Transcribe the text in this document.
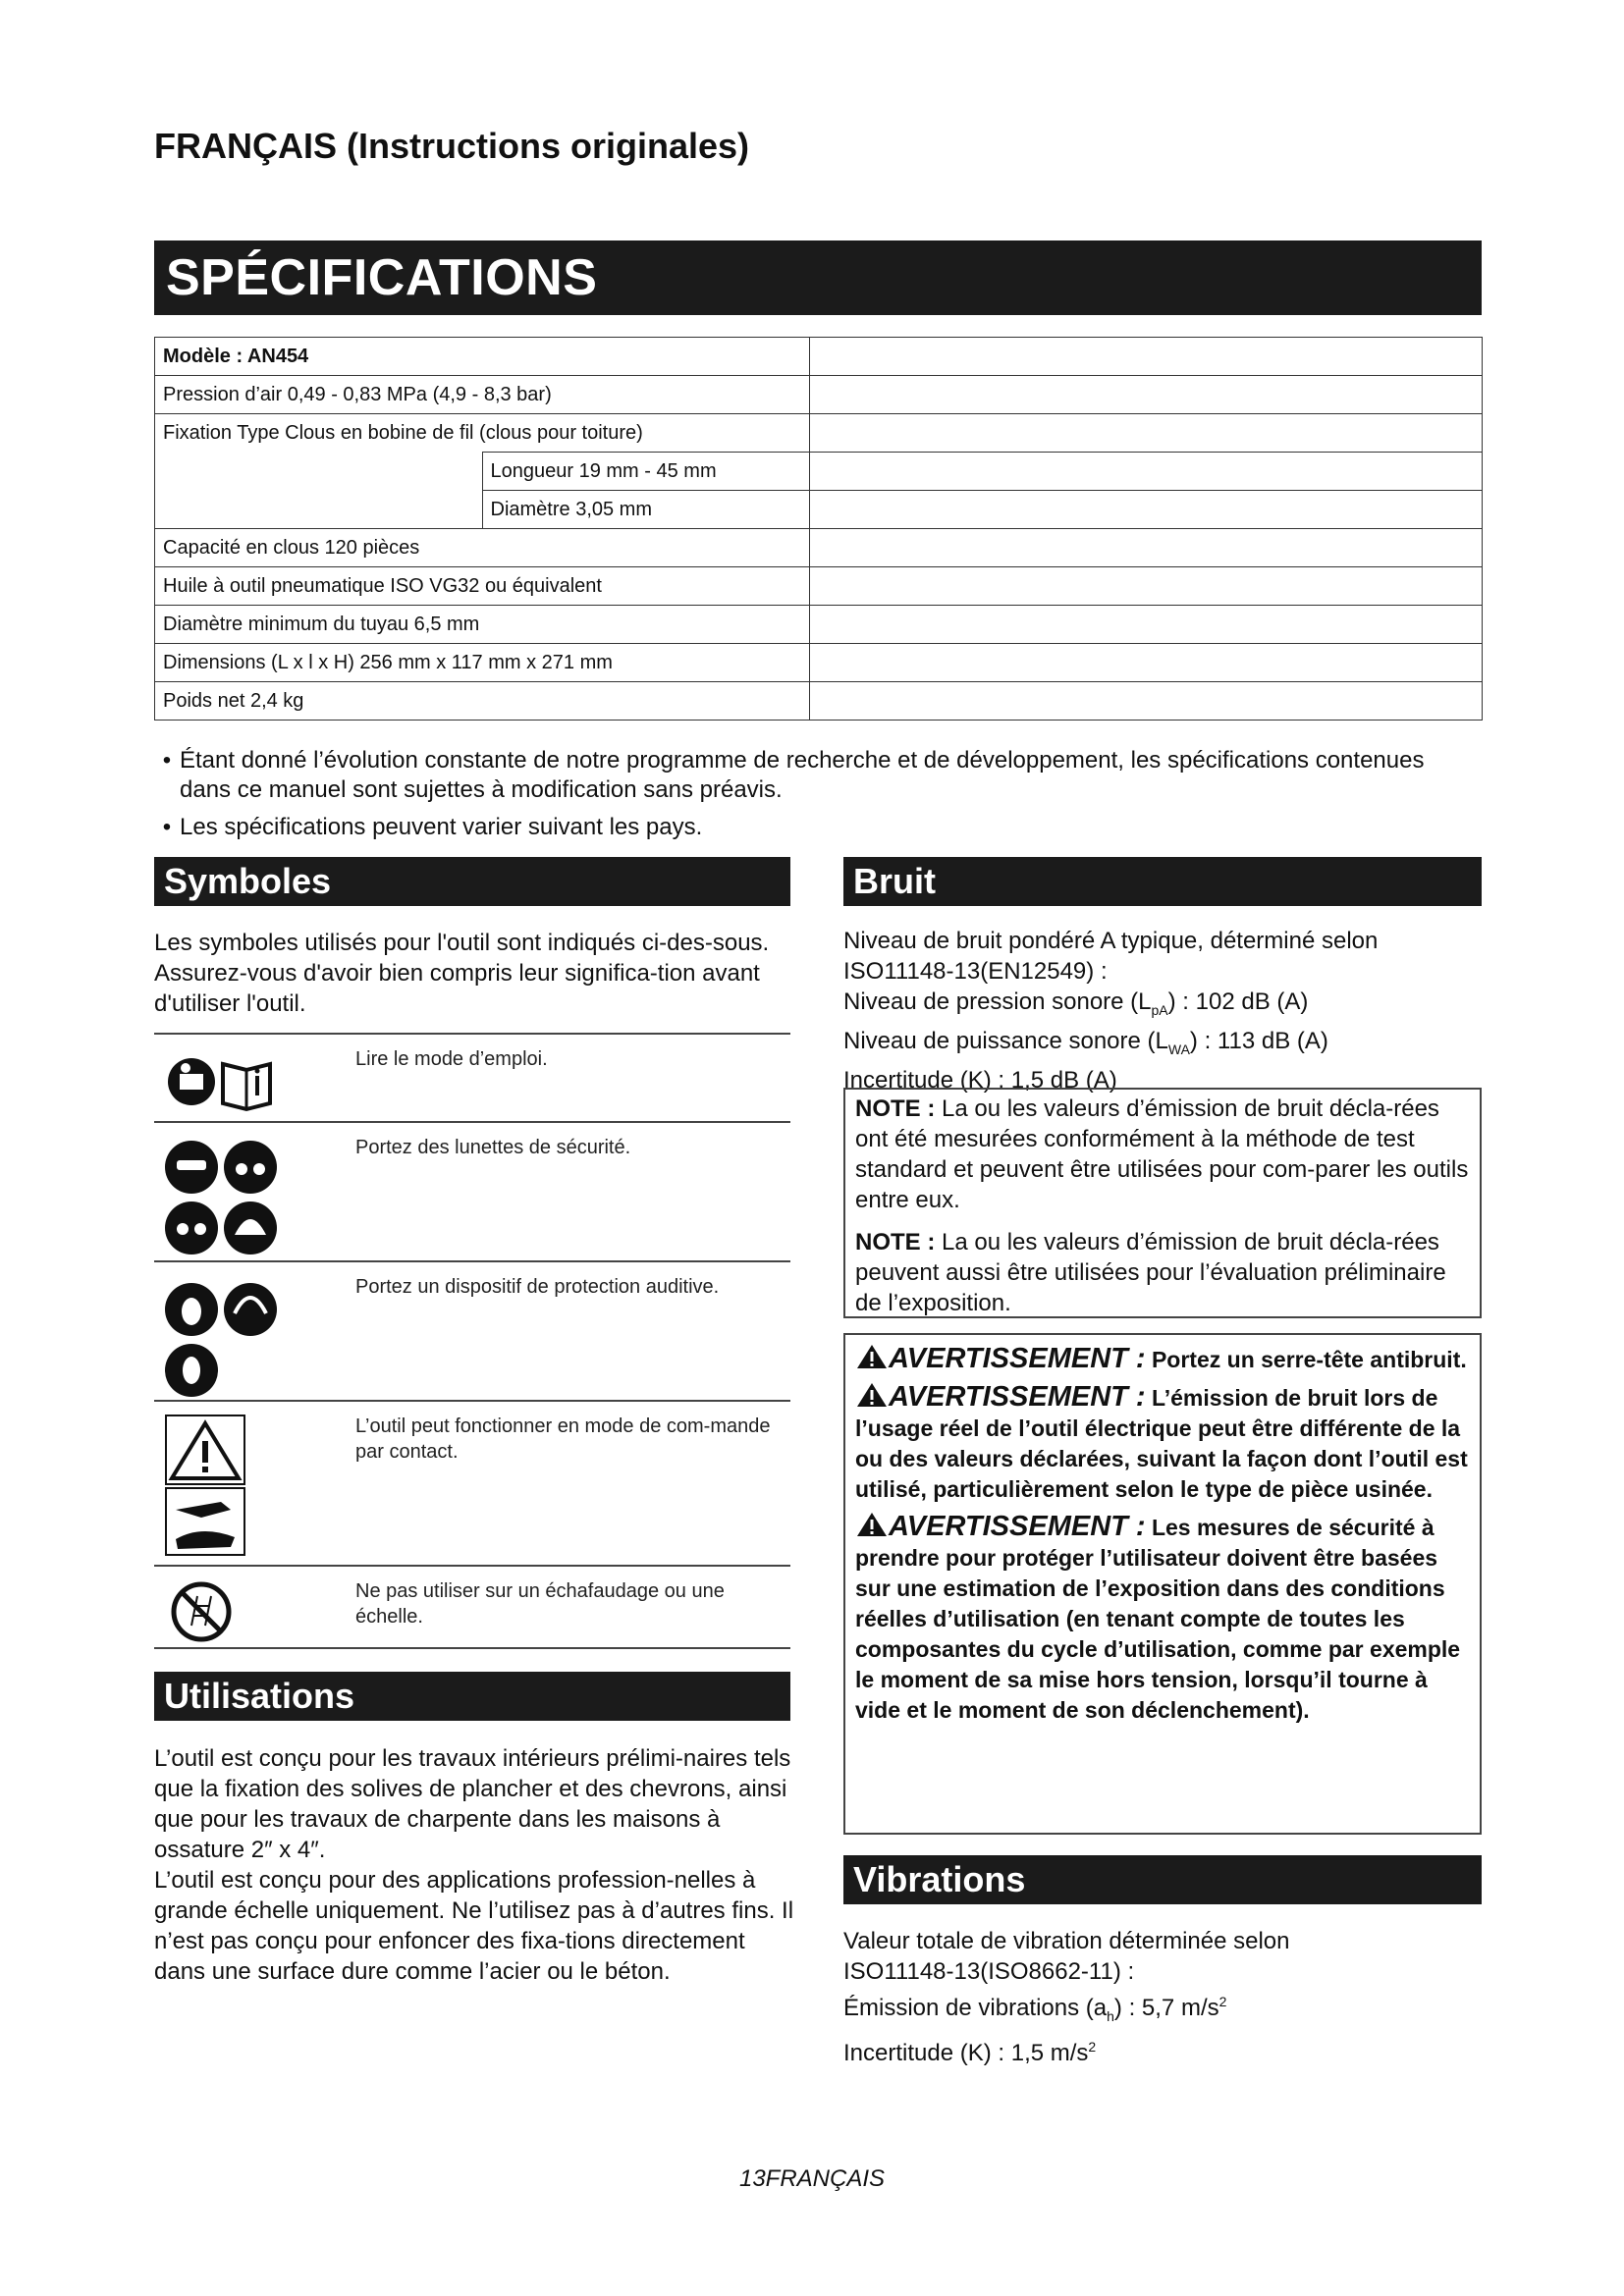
FRANÇAIS (Instructions originales)
SPÉCIFICATIONS
Modèle : AN454		
Pression d’air 0,49 - 0,83 MPa (4,9 - 8,3 bar)		
Fixation Type Clous en bobine de fil (clous pour toiture)		
	Longueur 19 mm - 45 mm	
	Diamètre 3,05 mm	
Capacité en clous 120 pièces		
Huile à outil pneumatique ISO VG32 ou équivalent		
Diamètre minimum du tuyau 6,5 mm		
Dimensions (L x l x H) 256 mm x 117 mm x 271 mm		
Poids net 2,4 kg		
• Étant donné l’évolution constante de notre programme de recherche et de développement, les spécifications contenues dans ce manuel sont sujettes à modification sans préavis.
• Les spécifications peuvent varier suivant les pays.
Symboles
Les symboles utilisés pour l'outil sont indiqués ci-des-sous. Assurez-vous d'avoir bien compris leur significa-tion avant d'utiliser l'outil.
Lire le mode d’emploi.
Portez des lunettes de sécurité.
Portez un dispositif de protection auditive.
L’outil peut fonctionner en mode de com-mande par contact.
Ne pas utiliser sur un échafaudage ou une échelle.
Utilisations
L’outil est conçu pour les travaux intérieurs prélimi-naires tels que la fixation des solives de plancher et des chevrons, ainsi que pour les travaux de charpente dans les maisons à ossature 2″ x 4″.
L’outil est conçu pour des applications profession-nelles à grande échelle uniquement. Ne l’utilisez pas à d’autres fins. Il n’est pas conçu pour enfoncer des fixa-tions directement dans une surface dure comme l’acier ou le béton.
Bruit
Niveau de bruit pondéré A typique, déterminé selon
ISO11148-13(EN12549) :
Niveau de pression sonore $(L_{pA})$ : 102 dB (A)
Niveau de puissance sonore $(L_{WA})$ : 113 dB (A)
Incertitude (K) : 1,5 dB (A)
NOTE : La ou les valeurs d’émission de bruit décla-rées ont été mesurées conformément à la méthode de test standard et peuvent être utilisées pour com-parer les outils entre eux.
NOTE : La ou les valeurs d’émission de bruit décla-rées peuvent aussi être utilisées pour l’évaluation préliminaire de l’exposition.
AVERTISSEMENT : Portez un serre-tête antibruit.
AVERTISSEMENT : L’émission de bruit lors de l’usage réel de l’outil électrique peut être différente de la ou des valeurs déclarées, suivant la façon dont l’outil est utilisé, particulièrement selon le type de pièce usinée.
AVERTISSEMENT : Les mesures de sécurité à prendre pour protéger l’utilisateur doivent être basées sur une estimation de l’exposition dans des conditions réelles d’utilisation (en tenant compte de toutes les composantes du cycle d’utilisation, comme par exemple le moment de sa mise hors tension, lorsqu’il tourne à vide et le moment de son déclenchement).
Vibrations
Valeur totale de vibration déterminée selon
ISO11148-13(ISO8662-11) :
Émission de vibrations $(a_h)$ : 5,7 $m/s^2$
Incertitude (K) : 1,5 $m/s^2$
13FRANÇAIS
